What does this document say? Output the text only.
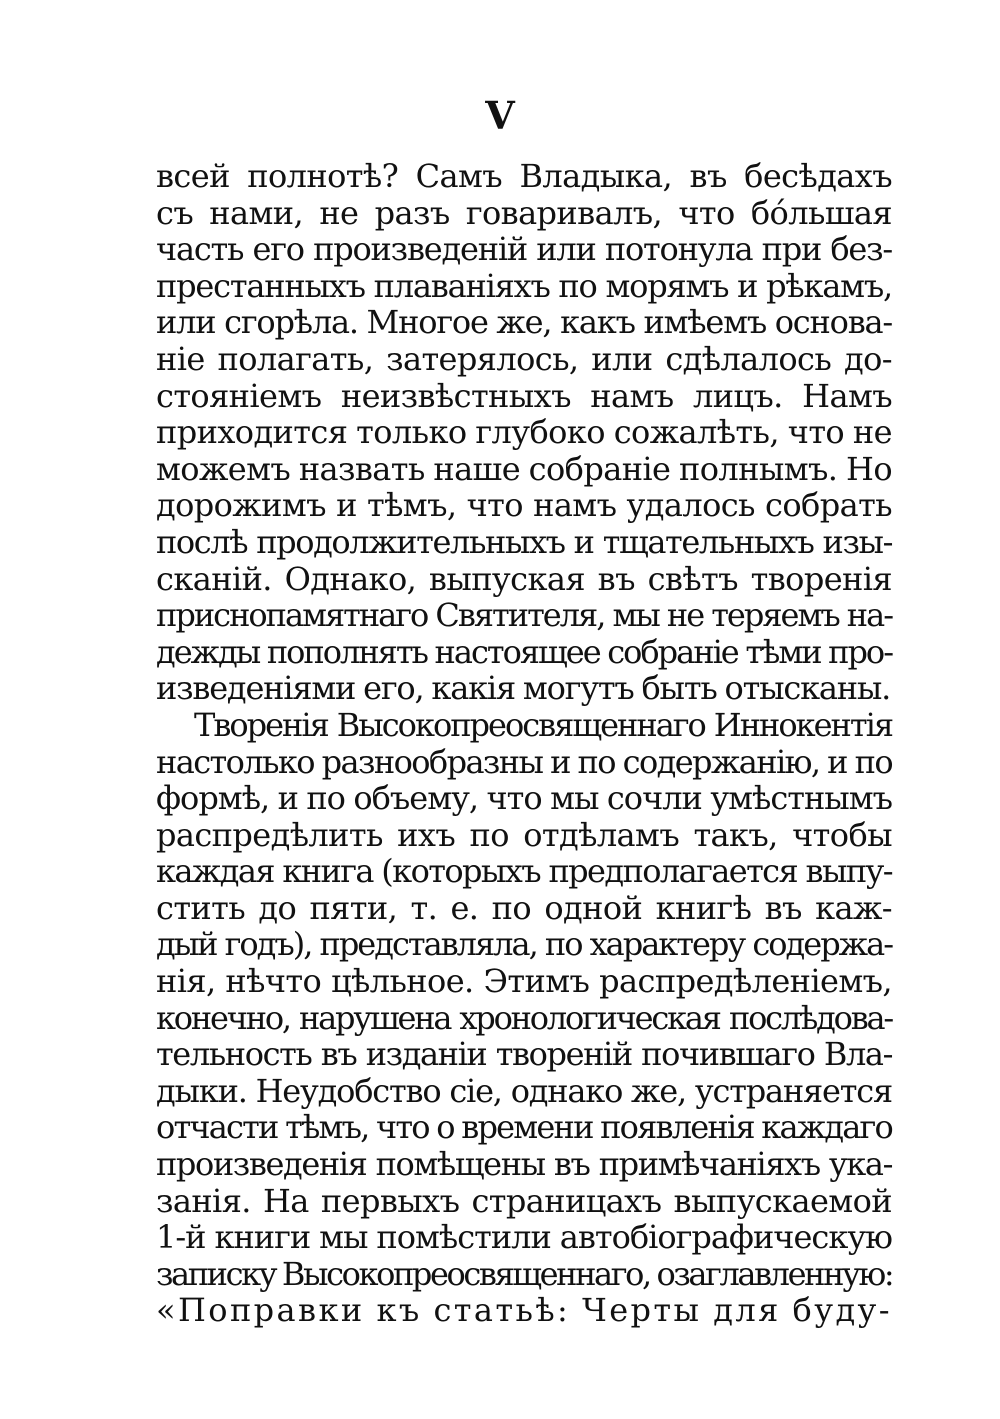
V
всей полнотѣ? Самъ Владыка, въ бесѣдахъ
съ нами, не разъ говаривалъ, что бóльшая
часть его произведеній или потонула при без-
престанныхъ плаваніяхъ по морямъ и рѣкамъ,
или сгорѣла. Многое же, какъ имѣемъ основа-
ніе полагать, затерялось, или сдѣлалось до-
стояніемъ неизвѣстныхъ намъ лицъ. Намъ
приходится только глубоко сожалѣть, что не
можемъ назвать наше собраніе полнымъ. Но
дорожимъ и тѣмъ, что намъ удалось собрать
послѣ продолжительныхъ и тщательныхъ изы-
сканій. Однако, выпуская въ свѣтъ творенія
приснопамятнаго Святителя, мы не теряемъ на-
дежды пополнять настоящее собраніе тѣми про-
изведеніями его, какія могутъ быть отысканы.
Творенія Высокопреосвященнаго Иннокентія
настолько разнообразны и по содержанію, и по
формѣ, и по объему, что мы сочли умѣстнымъ
распредѣлить ихъ по отдѣламъ такъ, чтобы
каждая книга (которыхъ предполагается выпу-
стить до пяти, т. е. по одной книгѣ въ каж-
дый годъ), представляла, по характеру содержа-
нія, нѣчто цѣльное. Этимъ распредѣленіемъ,
конечно, нарушена хронологическая послѣдова-
тельность въ изданіи твореній почившаго Вла-
дыки. Неудобство сіе, однако же, устраняется
отчасти тѣмъ, что о времени появленія каждаго
произведенія помѣщены въ примѣчаніяхъ ука-
занія. На первыхъ страницахъ выпускаемой
1-й книги мы помѣстили автобіографическую
записку Высокопреосвященнаго, озаглавленную:
«Поправки къ статьѣ: Черты для буду-
